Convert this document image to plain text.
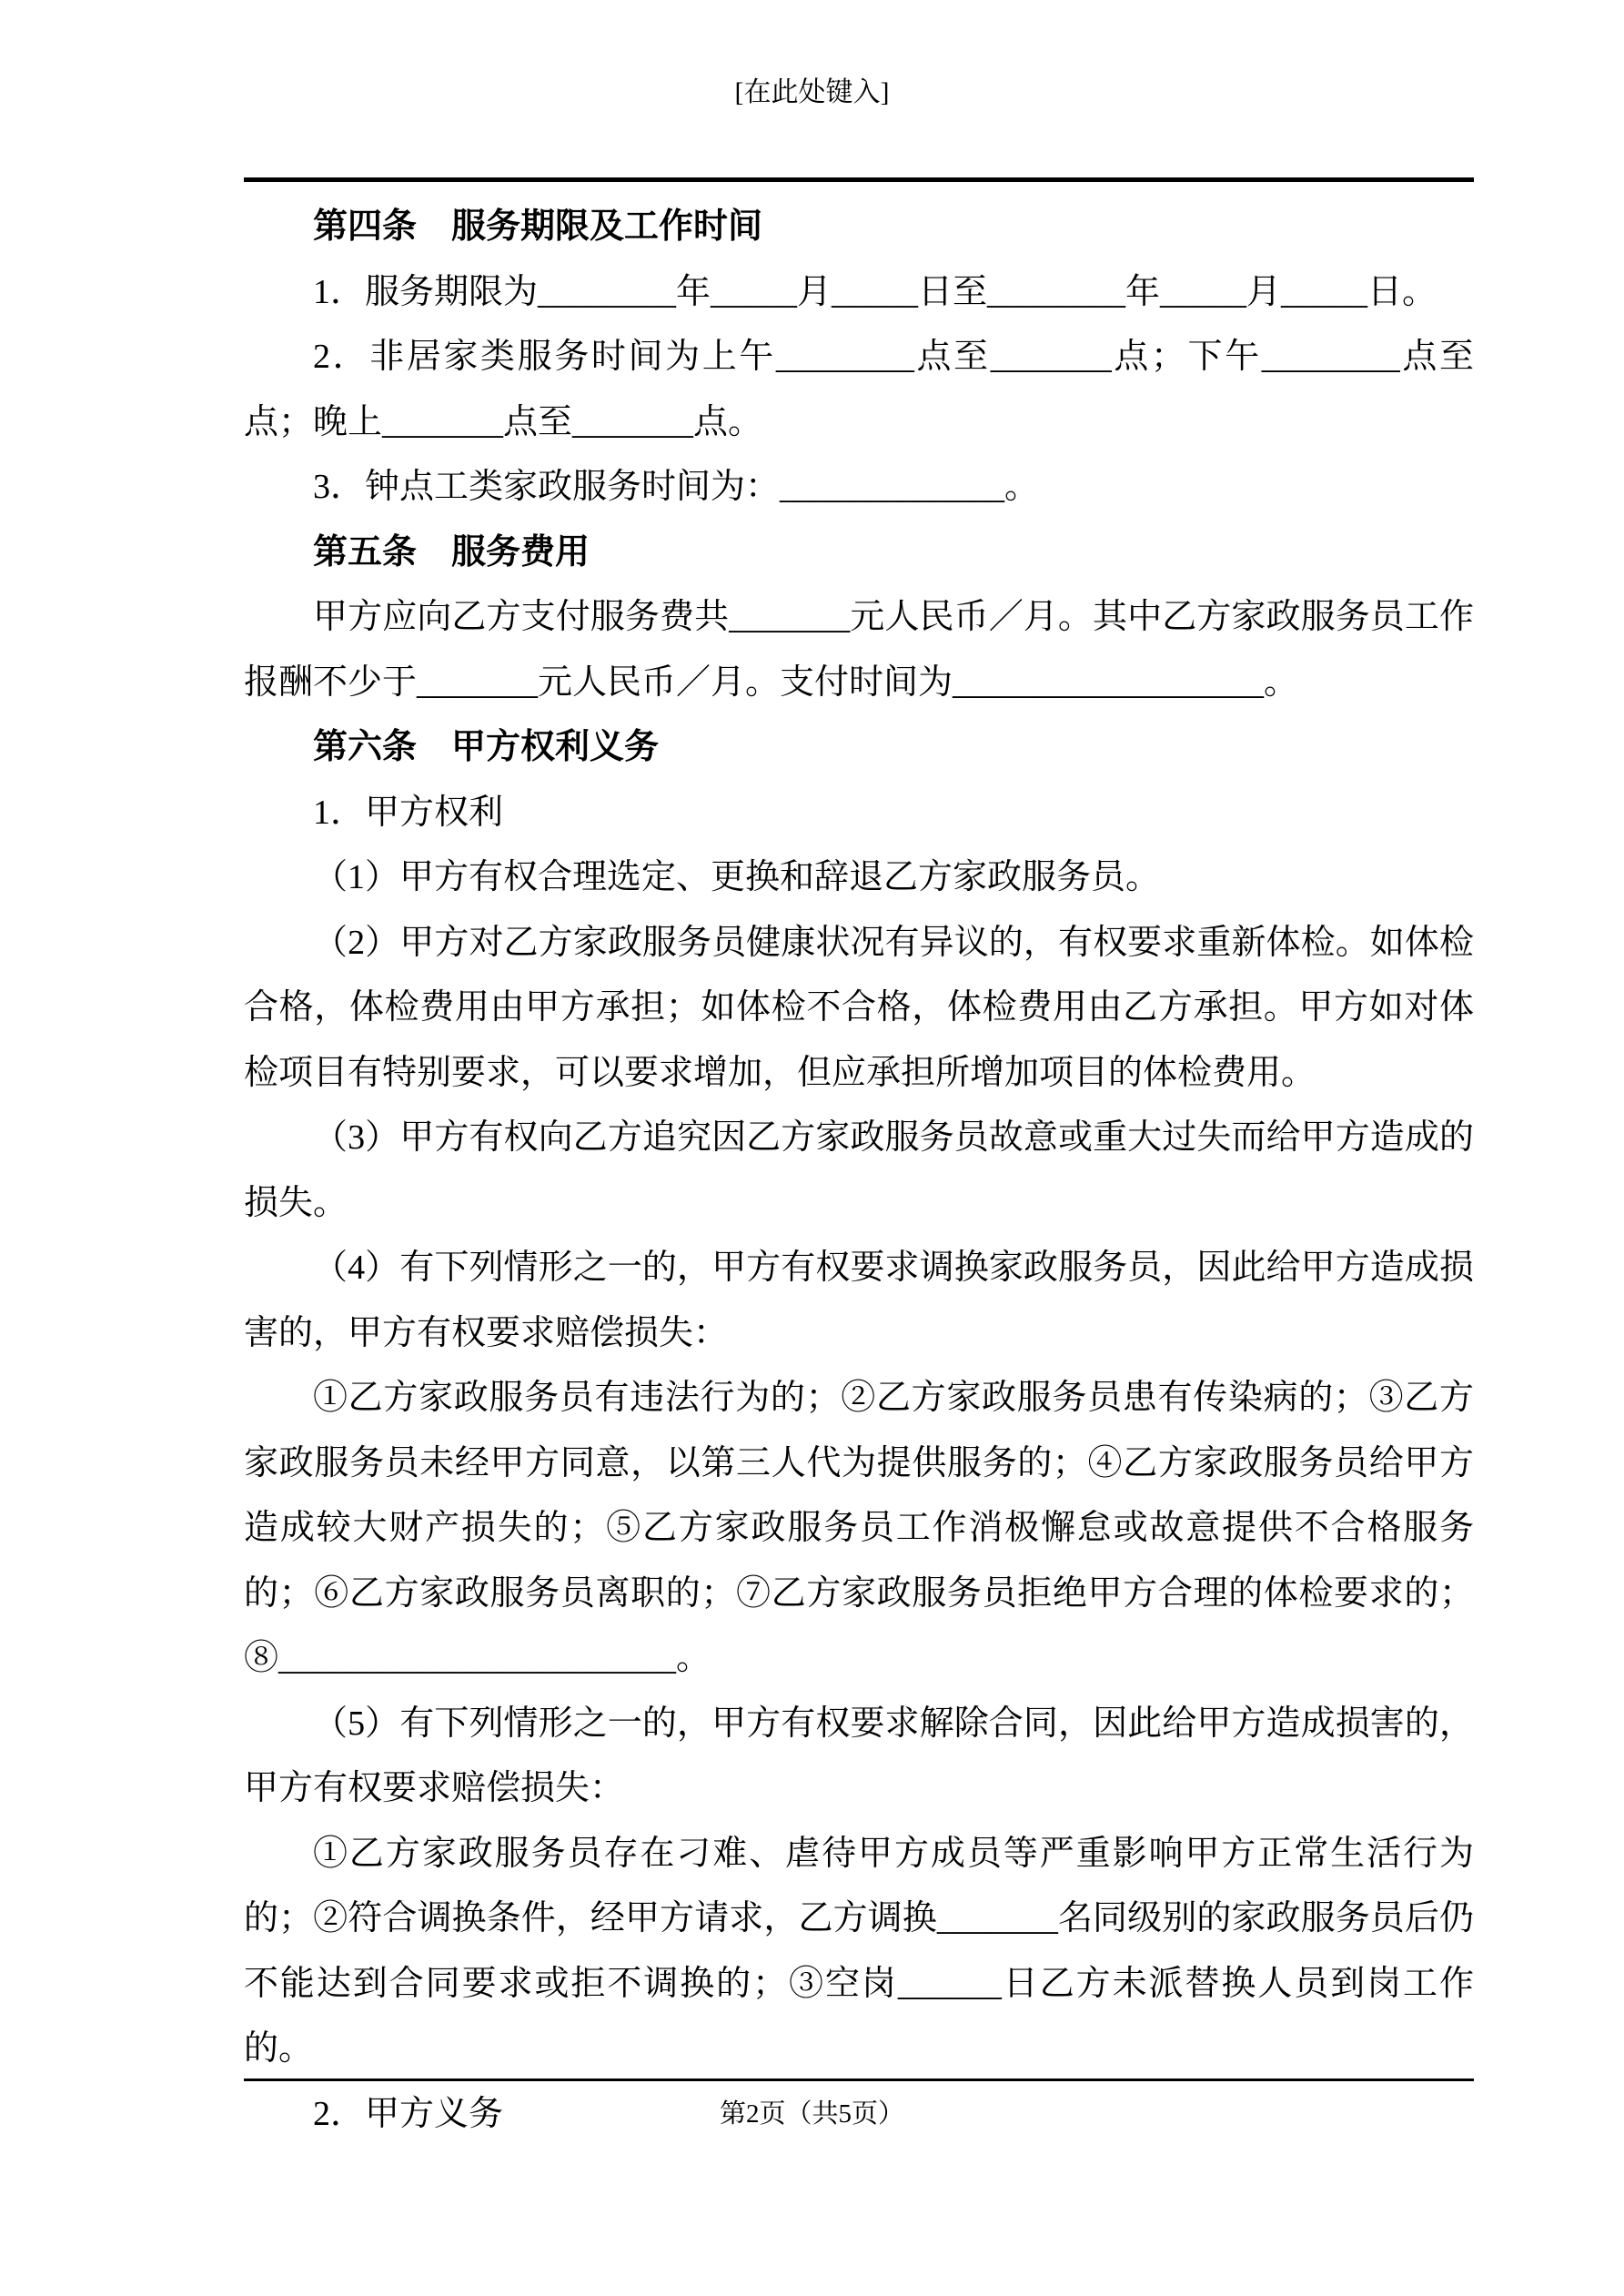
[在此处键入]

第四条　服务期限及工作时间

1．服务期限为________年_____月_____日至________年_____月_____日。

2．非居家类服务时间为上午________点至_______点；下午________点至点；晚上_______点至_______点。

3．钟点工类家政服务时间为：_____________。

第五条　服务费用

甲方应向乙方支付服务费共_______元人民币／月。其中乙方家政服务员工作报酬不少于_______元人民币／月。支付时间为__________________。

第六条　甲方权利义务

1．甲方权利

（1）甲方有权合理选定、更换和辞退乙方家政服务员。

（2）甲方对乙方家政服务员健康状况有异议的，有权要求重新体检。如体检合格，体检费用由甲方承担；如体检不合格，体检费用由乙方承担。甲方如对体检项目有特别要求，可以要求增加，但应承担所增加项目的体检费用。

（3）甲方有权向乙方追究因乙方家政服务员故意或重大过失而给甲方造成的损失。

（4）有下列情形之一的，甲方有权要求调换家政服务员，因此给甲方造成损害的，甲方有权要求赔偿损失：

①乙方家政服务员有违法行为的；②乙方家政服务员患有传染病的；③乙方家政服务员未经甲方同意，以第三人代为提供服务的；④乙方家政服务员给甲方造成较大财产损失的；⑤乙方家政服务员工作消极懈怠或故意提供不合格服务的；⑥乙方家政服务员离职的；⑦乙方家政服务员拒绝甲方合理的体检要求的；⑧_______________________。

（5）有下列情形之一的，甲方有权要求解除合同，因此给甲方造成损害的，甲方有权要求赔偿损失：

①乙方家政服务员存在刁难、虐待甲方成员等严重影响甲方正常生活行为的；②符合调换条件，经甲方请求，乙方调换_______名同级别的家政服务员后仍不能达到合同要求或拒不调换的；③空岗______日乙方未派替换人员到岗工作的。

2．甲方义务	第2页（共5页）
